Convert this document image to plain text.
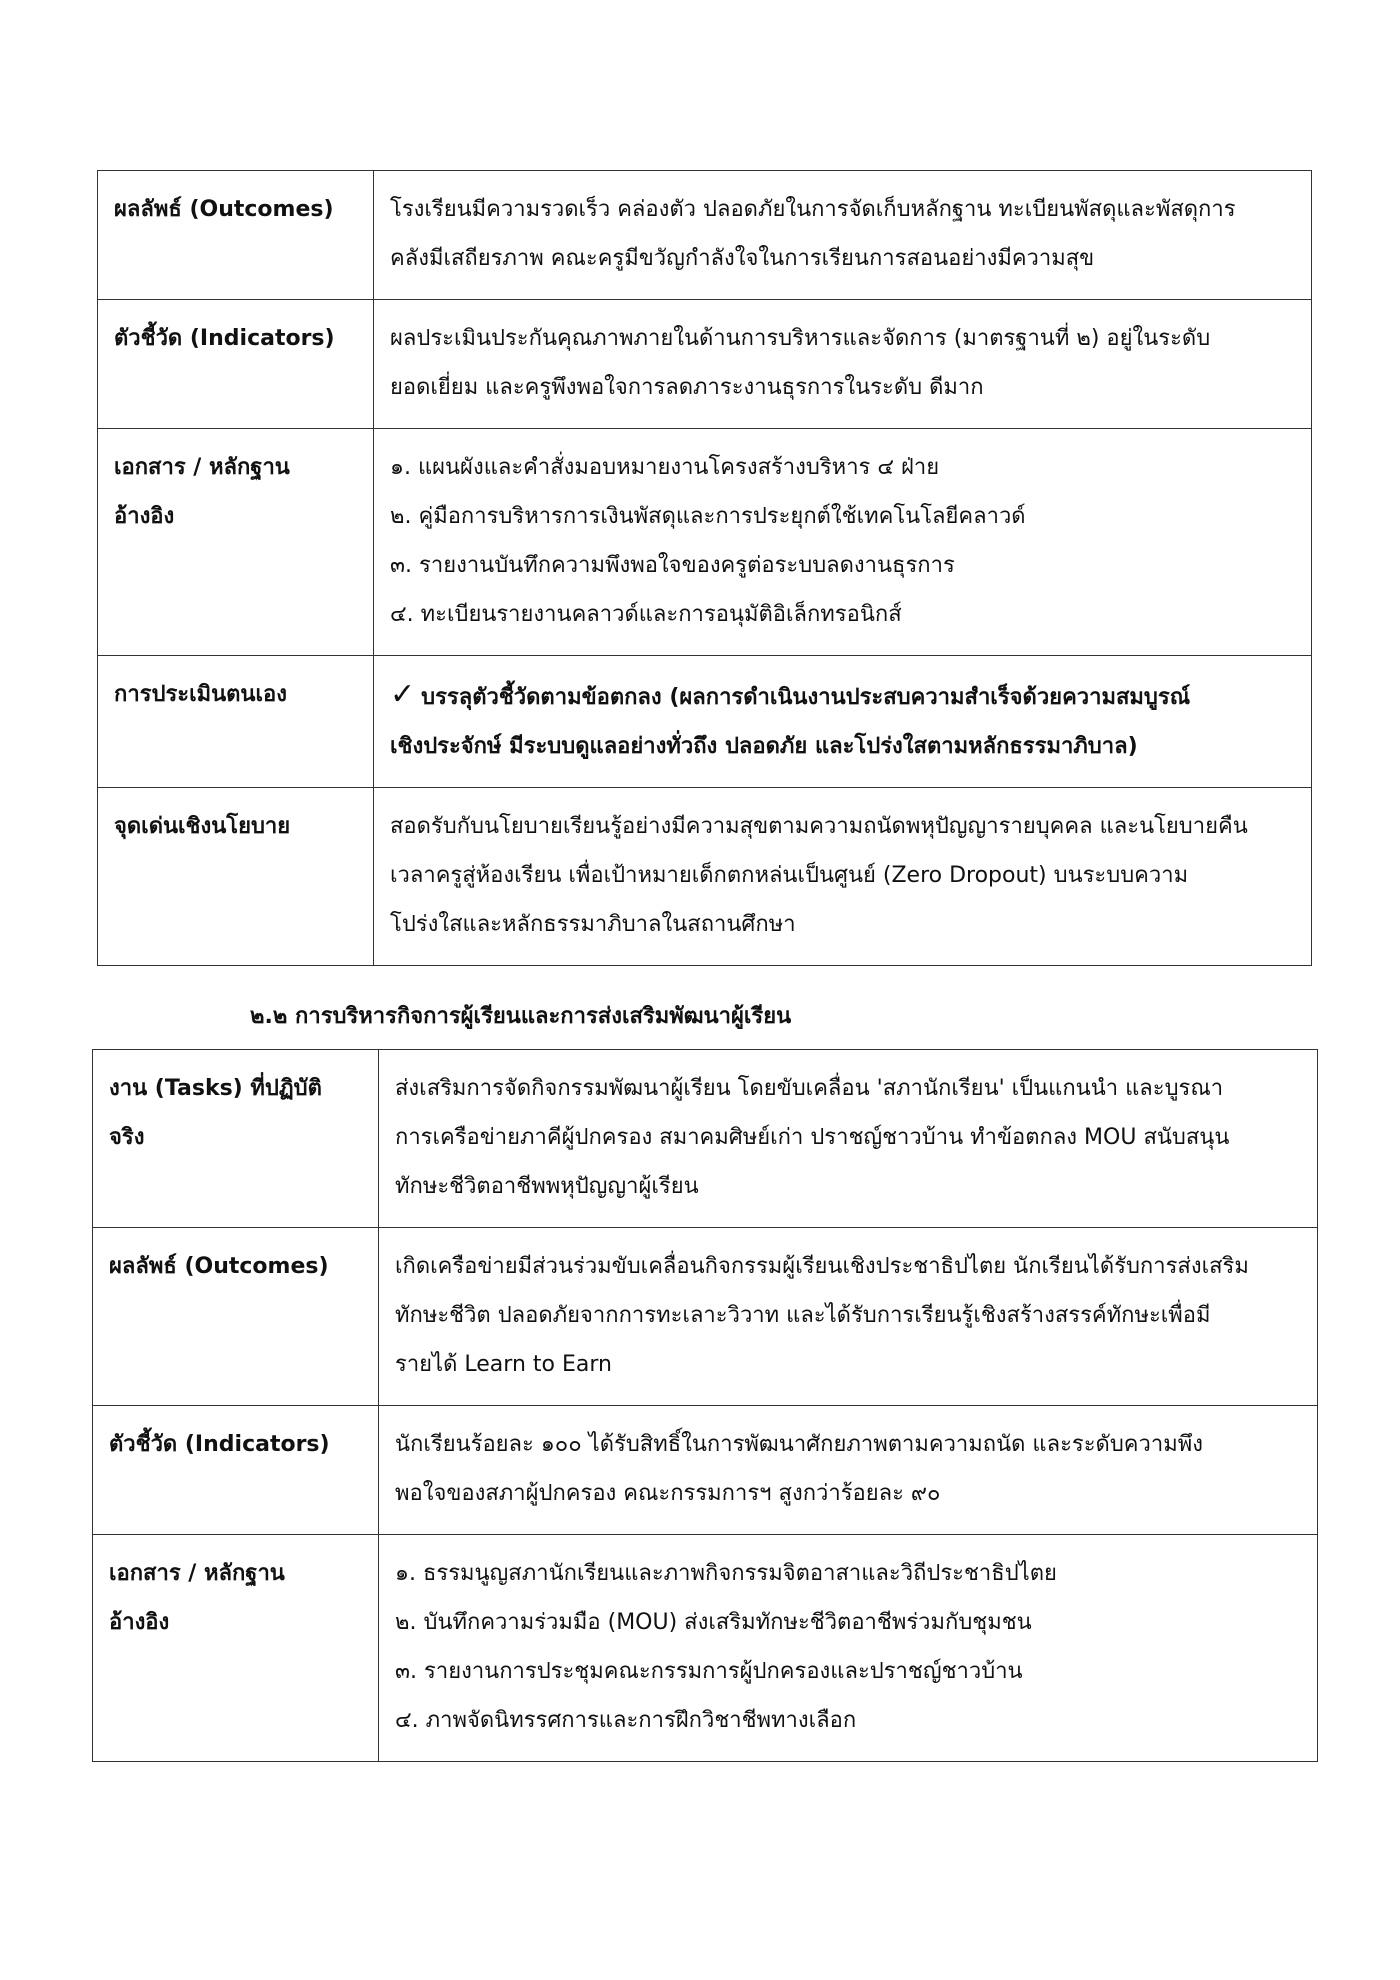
ผลลัพธ์ (Outcomes)	โรงเรียนมีความรวดเร็ว คล่องตัว ปลอดภัยในการจัดเก็บหลักฐาน ทะเบียนพัสดุและพัสดุการ
คลังมีเสถียรภาพ คณะครูมีขวัญกำลังใจในการเรียนการสอนอย่างมีความสุข

ตัวชี้วัด (Indicators)	ผลประเมินประกันคุณภาพภายในด้านการบริหารและจัดการ (มาตรฐานที่ ๒) อยู่ในระดับ
ยอดเยี่ยม และครูพึงพอใจการลดภาระงานธุรการในระดับ ดีมาก

เอกสาร / หลักฐาน
อ้างอิง	๑. แผนผังและคำสั่งมอบหมายงานโครงสร้างบริหาร ๔ ฝ่าย
๒. คู่มือการบริหารการเงินพัสดุและการประยุกต์ใช้เทคโนโลยีคลาวด์
๓. รายงานบันทึกความพึงพอใจของครูต่อระบบลดงานธุรการ
๔. ทะเบียนรายงานคลาวด์และการอนุมัติอิเล็กทรอนิกส์

การประเมินตนเอง	✓ บรรลุตัวชี้วัดตามข้อตกลง (ผลการดำเนินงานประสบความสำเร็จด้วยความสมบูรณ์
เชิงประจักษ์ มีระบบดูแลอย่างทั่วถึง ปลอดภัย และโปร่งใสตามหลักธรรมาภิบาล)

จุดเด่นเชิงนโยบาย	สอดรับกับนโยบายเรียนรู้อย่างมีความสุขตามความถนัดพหุปัญญารายบุคคล และนโยบายคืน
เวลาครูสู่ห้องเรียน เพื่อเป้าหมายเด็กตกหล่นเป็นศูนย์ (Zero Dropout) บนระบบความ
โปร่งใสและหลักธรรมาภิบาลในสถานศึกษา
๒.๒ การบริหารกิจการผู้เรียนและการส่งเสริมพัฒนาผู้เรียน
งาน (Tasks) ที่ปฏิบัติ
จริง	ส่งเสริมการจัดกิจกรรมพัฒนาผู้เรียน โดยขับเคลื่อน 'สภานักเรียน' เป็นแกนนำ และบูรณา
การเครือข่ายภาคีผู้ปกครอง สมาคมศิษย์เก่า ปราชญ์ชาวบ้าน ทำข้อตกลง MOU สนับสนุน
ทักษะชีวิตอาชีพพหุปัญญาผู้เรียน

ผลลัพธ์ (Outcomes)	เกิดเครือข่ายมีส่วนร่วมขับเคลื่อนกิจกรรมผู้เรียนเชิงประชาธิปไตย นักเรียนได้รับการส่งเสริม
ทักษะชีวิต ปลอดภัยจากการทะเลาะวิวาท และได้รับการเรียนรู้เชิงสร้างสรรค์ทักษะเพื่อมี
รายได้ Learn to Earn

ตัวชี้วัด (Indicators)	นักเรียนร้อยละ ๑๐๐ ได้รับสิทธิ์ในการพัฒนาศักยภาพตามความถนัด และระดับความพึง
พอใจของสภาผู้ปกครอง คณะกรรมการฯ สูงกว่าร้อยละ ๙๐

เอกสาร / หลักฐาน
อ้างอิง	๑. ธรรมนูญสภานักเรียนและภาพกิจกรรมจิตอาสาและวิถีประชาธิปไตย
๒. บันทึกความร่วมมือ (MOU) ส่งเสริมทักษะชีวิตอาชีพร่วมกับชุมชน
๓. รายงานการประชุมคณะกรรมการผู้ปกครองและปราชญ์ชาวบ้าน
๔. ภาพจัดนิทรรศการและการฝึกวิชาชีพทางเลือก
